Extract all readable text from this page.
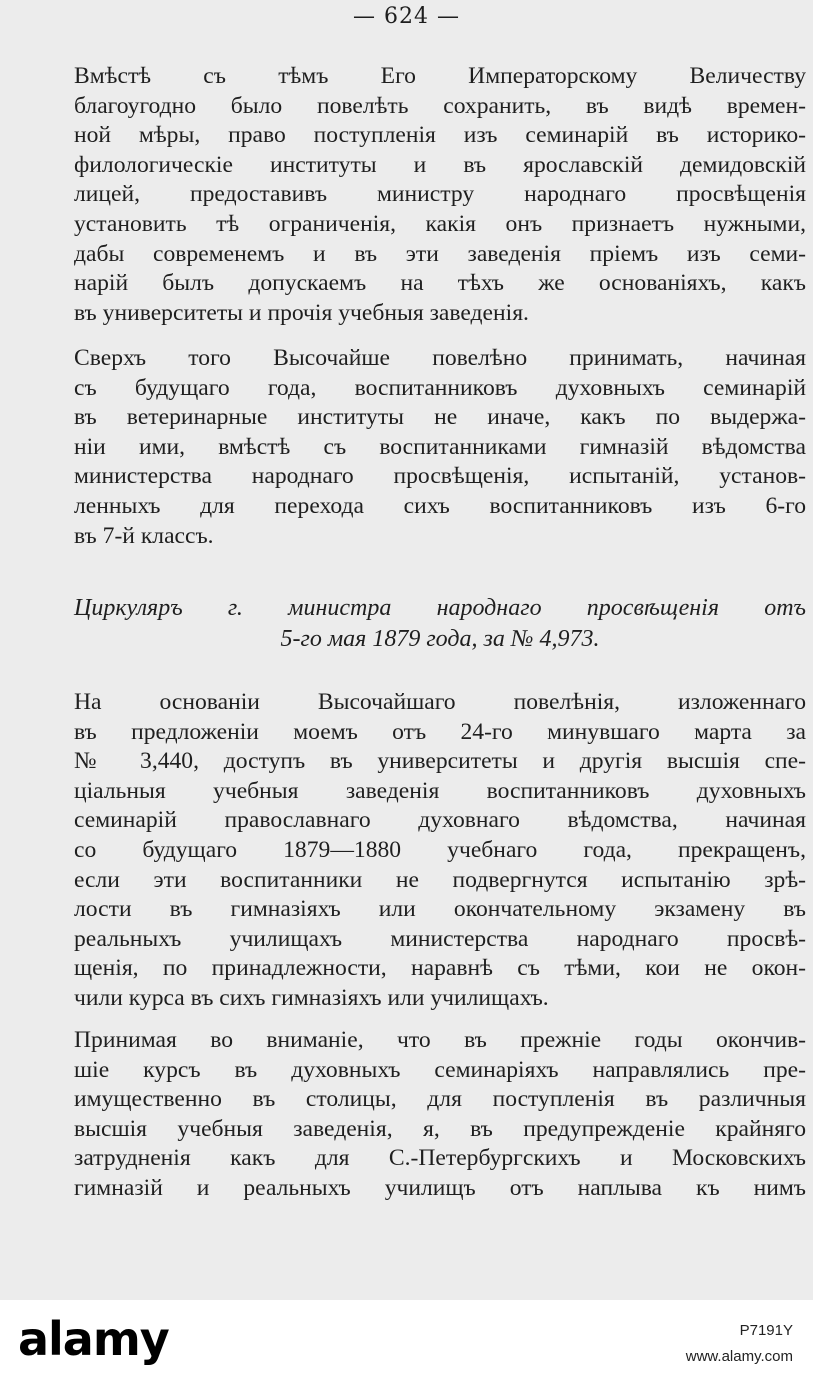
— 624 —
Вмѣстѣ съ тѣмъ Его Императорскому Величеству
благоугодно было повелѣть сохранить, въ видѣ времен-
ной мѣры, право поступленія изъ семинарій въ историко-
филологическіе институты и въ ярославскій демидовскій
лицей, предоставивъ министру народнаго просвѣщенія
установить тѣ ограниченія, какія онъ признаетъ нужными,
дабы современемъ и въ эти заведенія пріемъ изъ семи-
нарій былъ допускаемъ на тѣхъ же основаніяхъ, какъ
въ университеты и прочія учебныя заведенія.
Сверхъ того Высочайше повелѣно принимать, начиная
съ будущаго года, воспитанниковъ духовныхъ семинарій
въ ветеринарные институты не иначе, какъ по выдержа-
ніи ими, вмѣстѣ съ воспитанниками гимназій вѣдомства
министерства народнаго просвѣщенія, испытаній, установ-
ленныхъ для перехода сихъ воспитанниковъ изъ 6-го
въ 7-й классъ.
Циркуляръ г. министра народнаго просвѣщенія отъ
5-го мая 1879 года, за № 4,973.
На основаніи Высочайшаго повелѣнія, изложеннаго
въ предложеніи моемъ отъ 24-го минувшаго марта за
№ 3,440, доступъ въ университеты и другія высшія спе-
ціальныя учебныя заведенія воспитанниковъ духовныхъ
семинарій православнаго духовнаго вѣдомства, начиная
со будущаго 1879—1880 учебнаго года, прекращенъ,
если эти воспитанники не подвергнутся испытанію зрѣ-
лости въ гимназіяхъ или окончательному экзамену въ
реальныхъ училищахъ министерства народнаго просвѣ-
щенія, по принадлежности, наравнѣ съ тѣми, кои не окон-
чили курса въ сихъ гимназіяхъ или училищахъ.
Принимая во вниманіе, что въ прежніе годы окончив-
шіе курсъ въ духовныхъ семинаріяхъ направлялись пре-
имущественно въ столицы, для поступленія въ различныя
высшія учебныя заведенія, я, въ предупрежденіе крайняго
затрудненія какъ для С.-Петербургскихъ и Московскихъ
гимназій и реальныхъ училищъ отъ наплыва къ нимъ
alamy	P7191Y
www.alamy.com
